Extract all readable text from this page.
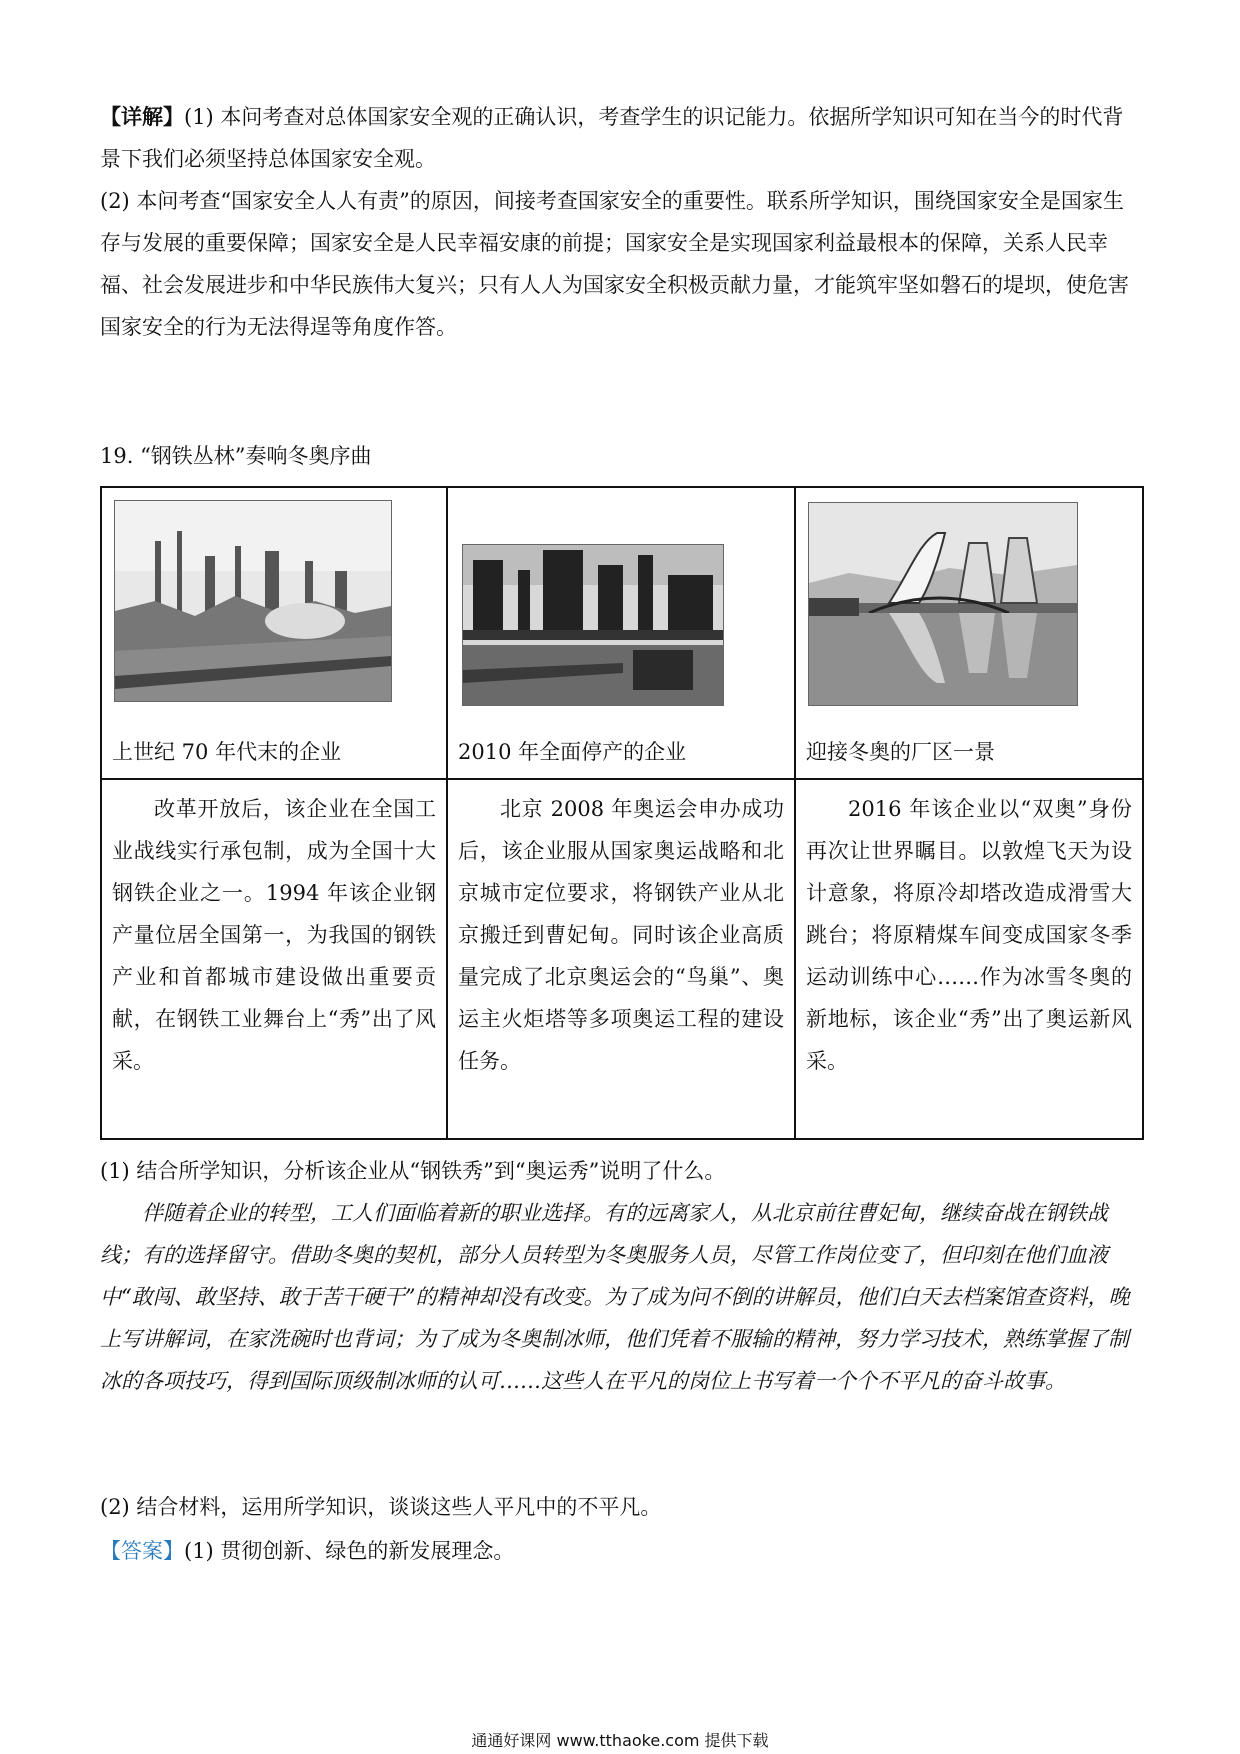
【详解】(1) 本问考查对总体国家安全观的正确认识，考查学生的识记能力。依据所学知识可知在当今的时代背景下我们必须坚持总体国家安全观。

(2) 本问考查“国家安全人人有责”的原因，间接考查国家安全的重要性。联系所学知识，围绕国家安全是国家生存与发展的重要保障；国家安全是人民幸福安康的前提；国家安全是实现国家利益最根本的保障，关系人民幸福、社会发展进步和中华民族伟大复兴；只有人人为国家安全积极贡献力量，才能筑牢坚如磐石的堤坝，使危害国家安全的行为无法得逞等角度作答。

19. “钢铁丛林”奏响冬奥序曲
上世纪 70 年代末的企业	2010 年全面停产的企业	迎接冬奥的厂区一景

改革开放后，该企业在全国工业战线实行承包制，成为全国十大钢铁企业之一。1994 年该企业钢产量位居全国第一，为我国的钢铁产业和首都城市建设做出重要贡献，在钢铁工业舞台上“秀”出了风采。	北京 2008 年奥运会申办成功后，该企业服从国家奥运战略和北京城市定位要求，将钢铁产业从北京搬迁到曹妃甸。同时该企业高质量完成了北京奥运会的“鸟巢”、奥运主火炬塔等多项奥运工程的建设任务。	2016 年该企业以“双奥”身份再次让世界瞩目。以敦煌飞天为设计意象，将原冷却塔改造成滑雪大跳台；将原精煤车间变成国家冬季运动训练中心……作为冰雪冬奥的新地标，该企业“秀”出了奥运新风采。

(1) 结合所学知识，分析该企业从“钢铁秀”到“奥运秀”说明了什么。

伴随着企业的转型，工人们面临着新的职业选择。有的远离家人，从北京前往曹妃甸，继续奋战在钢铁战线；有的选择留守。借助冬奥的契机，部分人员转型为冬奥服务人员，尽管工作岗位变了，但印刻在他们血液中“敢闯、敢坚持、敢于苦干硬干”的精神却没有改变。为了成为问不倒的讲解员，他们白天去档案馆查资料，晚上写讲解词，在家洗碗时也背词；为了成为冬奥制冰师，他们凭着不服输的精神，努力学习技术，熟练掌握了制冰的各项技巧，得到国际顶级制冰师的认可……这些人在平凡的岗位上书写着一个个不平凡的奋斗故事。

(2) 结合材料，运用所学知识，谈谈这些人平凡中的不平凡。

【答案】(1) 贯彻创新、绿色的新发展理念。

通通好课网 www.tthaoke.com 提供下载
